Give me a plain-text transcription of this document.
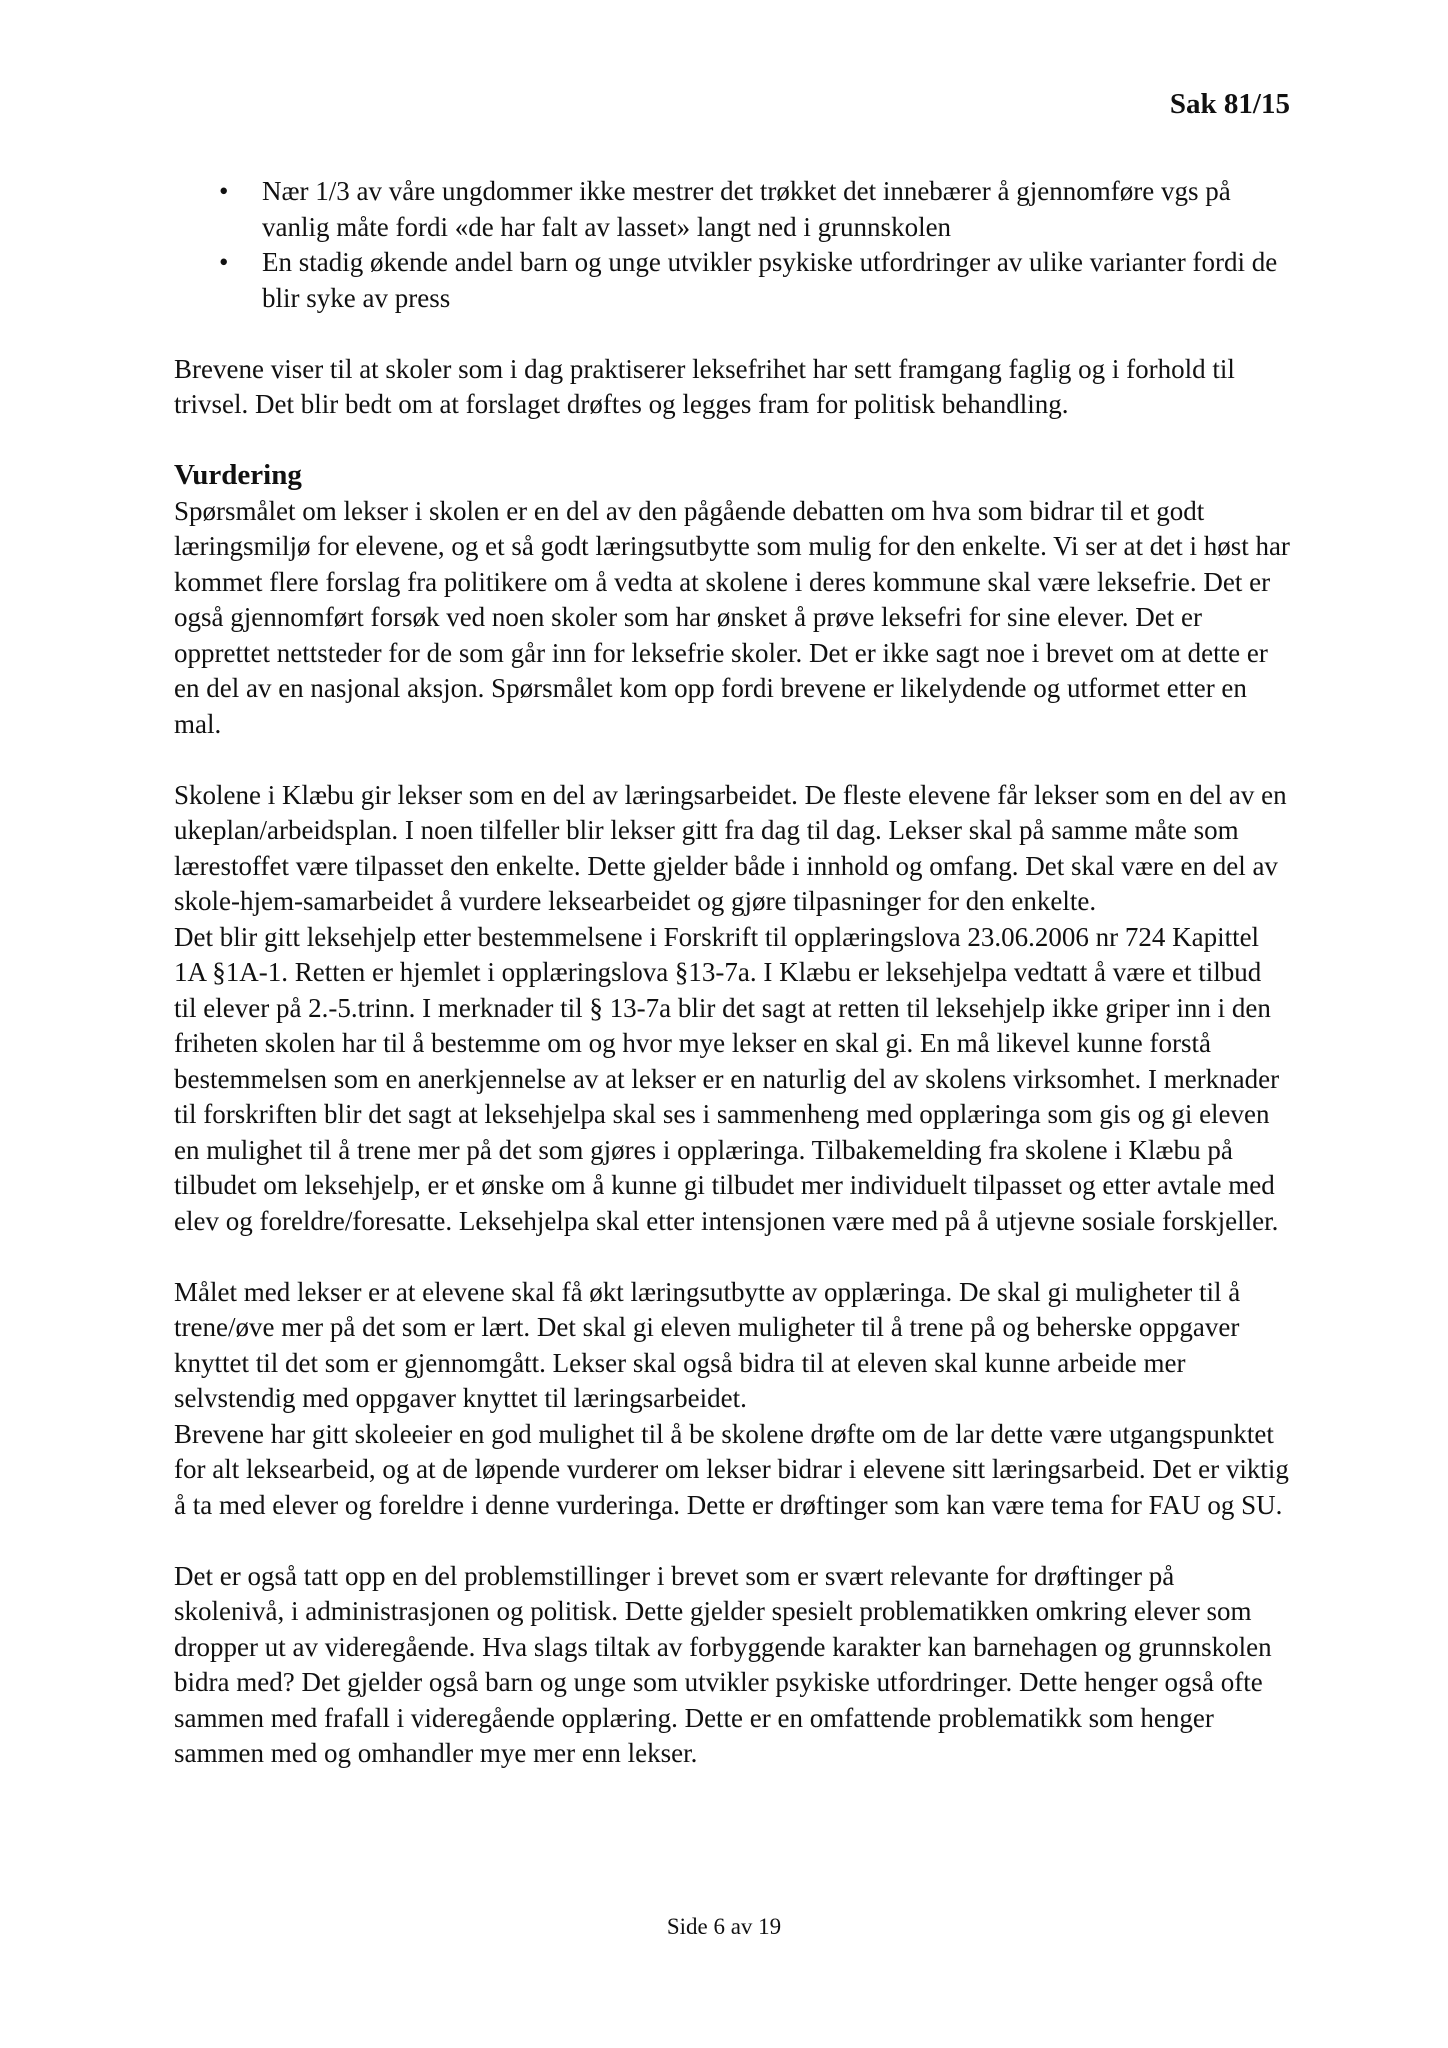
Sak 81/15
• Nær 1/3 av våre ungdommer ikke mestrer det trøkket det innebærer å gjennomføre vgs på vanlig måte fordi «de har falt av lasset» langt ned i grunnskolen
• En stadig økende andel barn og unge utvikler psykiske utfordringer av ulike varianter fordi de blir syke av press

Brevene viser til at skoler som i dag praktiserer leksefrihet har sett framgang faglig og i forhold til trivsel. Det blir bedt om at forslaget drøftes og legges fram for politisk behandling.

Vurdering

Spørsmålet om lekser i skolen er en del av den pågående debatten om hva som bidrar til et godt læringsmiljø for elevene, og et så godt læringsutbytte som mulig for den enkelte. Vi ser at det i høst har kommet flere forslag fra politikere om å vedta at skolene i deres kommune skal være leksefrie. Det er også gjennomført forsøk ved noen skoler som har ønsket å prøve leksefri for sine elever. Det er opprettet nettsteder for de som går inn for leksefrie skoler. Det er ikke sagt noe i brevet om at dette er en del av en nasjonal aksjon. Spørsmålet kom opp fordi brevene er likelydende og utformet etter en mal.

Skolene i Klæbu gir lekser som en del av læringsarbeidet. De fleste elevene får lekser som en del av en ukeplan/arbeidsplan. I noen tilfeller blir lekser gitt fra dag til dag. Lekser skal på samme måte som lærestoffet være tilpasset den enkelte. Dette gjelder både i innhold og omfang. Det skal være en del av skole-hjem-samarbeidet å vurdere leksearbeidet og gjøre tilpasninger for den enkelte.

Det blir gitt leksehjelp etter bestemmelsene i Forskrift til opplæringslova 23.06.2006 nr 724 Kapittel 1A §1A-1. Retten er hjemlet i opplæringslova §13-7a. I Klæbu er leksehjelpa vedtatt å være et tilbud til elever på 2.-5.trinn. I merknader til § 13-7a blir det sagt at retten til leksehjelp ikke griper inn i den friheten skolen har til å bestemme om og hvor mye lekser en skal gi. En må likevel kunne forstå bestemmelsen som en anerkjennelse av at lekser er en naturlig del av skolens virksomhet. I merknader til forskriften blir det sagt at leksehjelpa skal ses i sammenheng med opplæringa som gis og gi eleven en mulighet til å trene mer på det som gjøres i opplæringa. Tilbakemelding fra skolene i Klæbu på tilbudet om leksehjelp, er et ønske om å kunne gi tilbudet mer individuelt tilpasset og etter avtale med elev og foreldre/foresatte. Leksehjelpa skal etter intensjonen være med på å utjevne sosiale forskjeller.

Målet med lekser er at elevene skal få økt læringsutbytte av opplæringa. De skal gi muligheter til å trene/øve mer på det som er lært. Det skal gi eleven muligheter til å trene på og beherske oppgaver knyttet til det som er gjennomgått. Lekser skal også bidra til at eleven skal kunne arbeide mer selvstendig med oppgaver knyttet til læringsarbeidet.

Brevene har gitt skoleeier en god mulighet til å be skolene drøfte om de lar dette være utgangspunktet for alt leksearbeid, og at de løpende vurderer om lekser bidrar i elevene sitt læringsarbeid. Det er viktig å ta med elever og foreldre i denne vurderinga. Dette er drøftinger som kan være tema for FAU og SU.

Det er også tatt opp en del problemstillinger i brevet som er svært relevante for drøftinger på skolenivå, i administrasjonen og politisk. Dette gjelder spesielt problematikken omkring elever som dropper ut av videregående. Hva slags tiltak av forbyggende karakter kan barnehagen og grunnskolen bidra med? Det gjelder også barn og unge som utvikler psykiske utfordringer. Dette henger også ofte sammen med frafall i videregående opplæring. Dette er en omfattende problematikk som henger sammen med og omhandler mye mer enn lekser.

Side 6 av 19
